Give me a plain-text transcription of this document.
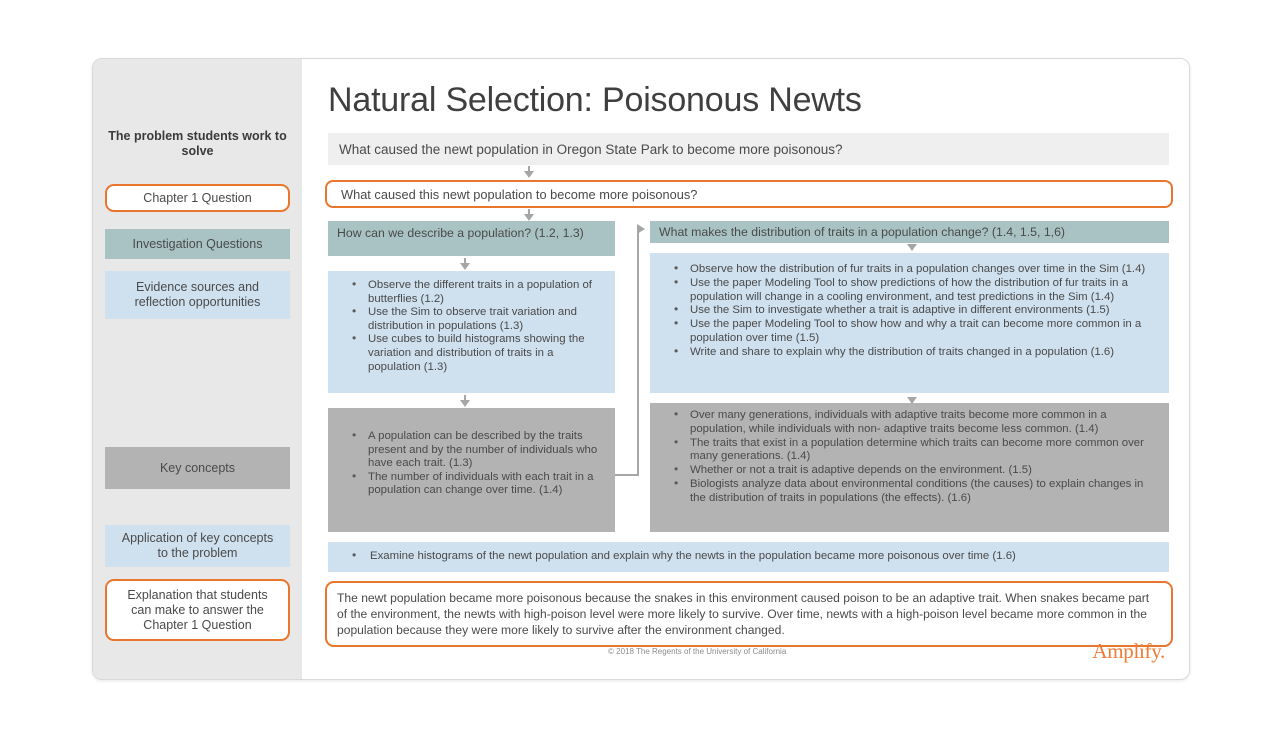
The problem students work to solve
Chapter 1 Question
Investigation Questions
Evidence sources and reflection opportunities
Key concepts
Application of key concepts to the problem
Explanation that students can make to answer the Chapter 1 Question
Natural Selection: Poisonous Newts
What caused the newt population in Oregon State Park to become more poisonous?
What caused this newt population to become more poisonous?
How can we describe a population? (1.2, 1.3)
• Observe the different traits in a population of butterflies (1.2)
• Use the Sim to observe trait variation and distribution in populations (1.3)
• Use cubes to build histograms showing the variation and distribution of traits in a population (1.3)
• A population can be described by the traits present and by the number of individuals who have each trait. (1.3)
• The number of individuals with each trait in a population can change over time. (1.4)
What makes the distribution of traits in a population change? (1.4, 1.5, 1,6)
• Observe how the distribution of fur traits in a population changes over time in the Sim (1.4)
• Use the paper Modeling Tool to show predictions of how the distribution of fur traits in a population will change in a cooling environment, and test predictions in the Sim (1.4)
• Use the Sim to investigate whether a trait is adaptive in different environments (1.5)
• Use the paper Modeling Tool to show how and why a trait can become more common in a population over time (1.5)
• Write and share to explain why the distribution of traits changed in a population (1.6)
• Over many generations, individuals with adaptive traits become more common in a population, while individuals with non- adaptive traits become less common. (1.4)
• The traits that exist in a population determine which traits can become more common over many generations. (1.4)
• Whether or not a trait is adaptive depends on the environment. (1.5)
• Biologists analyze data about environmental conditions (the causes) to explain changes in the distribution of traits in populations (the effects). (1.6)
• Examine histograms of the newt population and explain why the newts in the population became more poisonous over time (1.6)
The newt population became more poisonous because the snakes in this environment caused poison to be an adaptive trait. When snakes became part of the environment, the newts with high-poison level were more likely to survive. Over time, newts with a high-poison level became more common in the population because they were more likely to survive after the environment changed.
© 2018 The Regents of the University of California	Amplify.
